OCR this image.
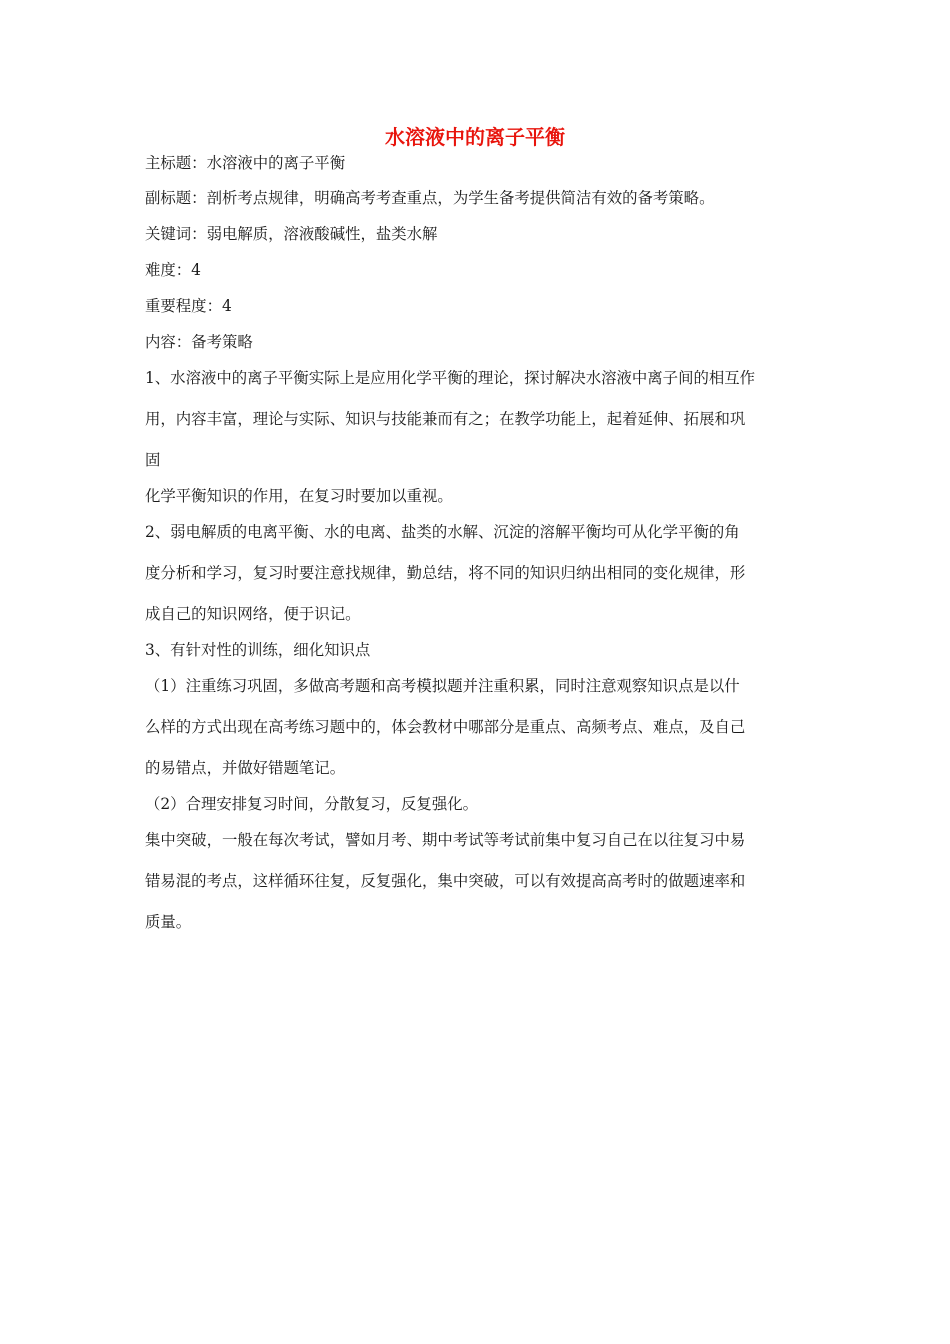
水溶液中的离子平衡
主标题：水溶液中的离子平衡
副标题：剖析考点规律，明确高考考查重点，为学生备考提供简洁有效的备考策略。
关键词：弱电解质，溶液酸碱性，盐类水解
难度：4
重要程度：4
内容：备考策略
1、水溶液中的离子平衡实际上是应用化学平衡的理论，探讨解决水溶液中离子间的相互作
用，内容丰富，理论与实际、知识与技能兼而有之；在教学功能上，起着延伸、拓展和巩
固
化学平衡知识的作用，在复习时要加以重视。
2、弱电解质的电离平衡、水的电离、盐类的水解、沉淀的溶解平衡均可从化学平衡的角
度分析和学习，复习时要注意找规律，勤总结，将不同的知识归纳出相同的变化规律，形
成自己的知识网络，便于识记。
3、有针对性的训练，细化知识点
（1）注重练习巩固，多做高考题和高考模拟题并注重积累，同时注意观察知识点是以什
么样的方式出现在高考练习题中的，体会教材中哪部分是重点、高频考点、难点，及自己
的易错点，并做好错题笔记。
（2）合理安排复习时间，分散复习，反复强化。
集中突破，一般在每次考试，譬如月考、期中考试等考试前集中复习自己在以往复习中易
错易混的考点，这样循环往复，反复强化，集中突破，可以有效提高高考时的做题速率和
质量。
